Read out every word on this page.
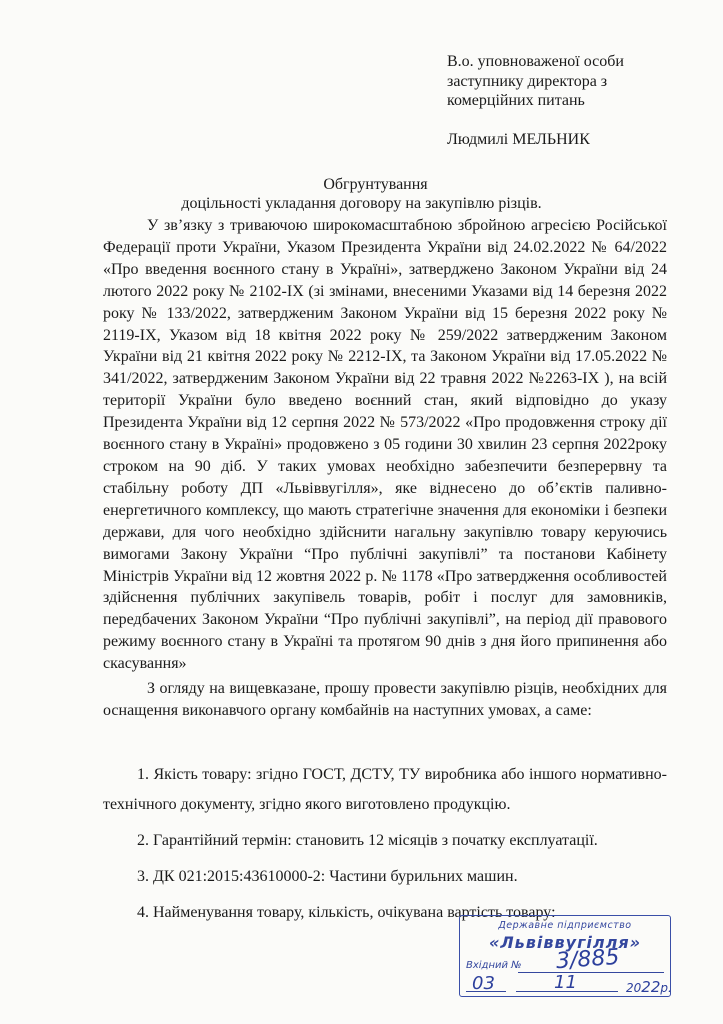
В.о. уповноваженої особи
заступнику директора з
комерційних питань
Людмилі МЕЛЬНИК
Обгрунтування
доцільності укладання договору на закупівлю різців.

У зв’язку з триваючою широкомасштабною збройною агресією Російської Федерації проти України, Указом Президента України від 24.02.2022 № 64/2022 «Про введення воєнного стану в Україні», затверджено Законом України від 24 лютого 2022 року № 2102-IX (зі змінами, внесеними Указами від 14 березня 2022 року № 133/2022, затвердженим Законом України від 15 березня 2022 року № 2119-IX, Указом від 18 квітня 2022 року № 259/2022 затвердженим Законом України від 21 квітня 2022 року № 2212-IX, та Законом України від 17.05.2022 № 341/2022, затвердженим Законом України від 22 травня 2022 №2263-IX ), на всій території України було введено воєнний стан, який відповідно до указу Президента України від 12 серпня 2022 № 573/2022 «Про продовження строку дії воєнного стану в Україні» продовжено з 05 години 30 хвилин 23 серпня 2022року строком на 90 діб. У таких умовах необхідно забезпечити безперервну та стабільну роботу ДП «Львіввугілля», яке віднесено до об’єктів паливно-енергетичного комплексу, що мають стратегічне значення для економіки і безпеки держави, для чого необхідно здійснити нагальну закупівлю товару керуючись вимогами Закону України “Про публічні закупівлі” та постанови Кабінету Міністрів України від 12 жовтня 2022 р. № 1178 «Про затвердження особливостей здійснення публічних закупівель товарів, робіт і послуг для замовників, передбачених Законом України “Про публічні закупівлі”, на період дії правового режиму воєнного стану в Україні та протягом 90 днів з дня його припинення або скасування»

З огляду на вищевказане, прошу провести закупівлю різців, необхідних для оснащення виконавчого органу комбайнів на наступних умовах, а саме:

1. Якість товару: згідно ГОСТ, ДСТУ, ТУ виробника або іншого нормативно-технічного документу, згідно якого виготовлено продукцію.

2. Гарантійний термін: становить 12 місяців з початку експлуатації.

3. ДК 021:2015:43610000-2: Частини бурильних машин.

4. Найменування товару, кількість, очікувана вартість товару:

Державне підприємство
«Львіввугілля»
Вхідний № 3/885
03	11	2022р.
